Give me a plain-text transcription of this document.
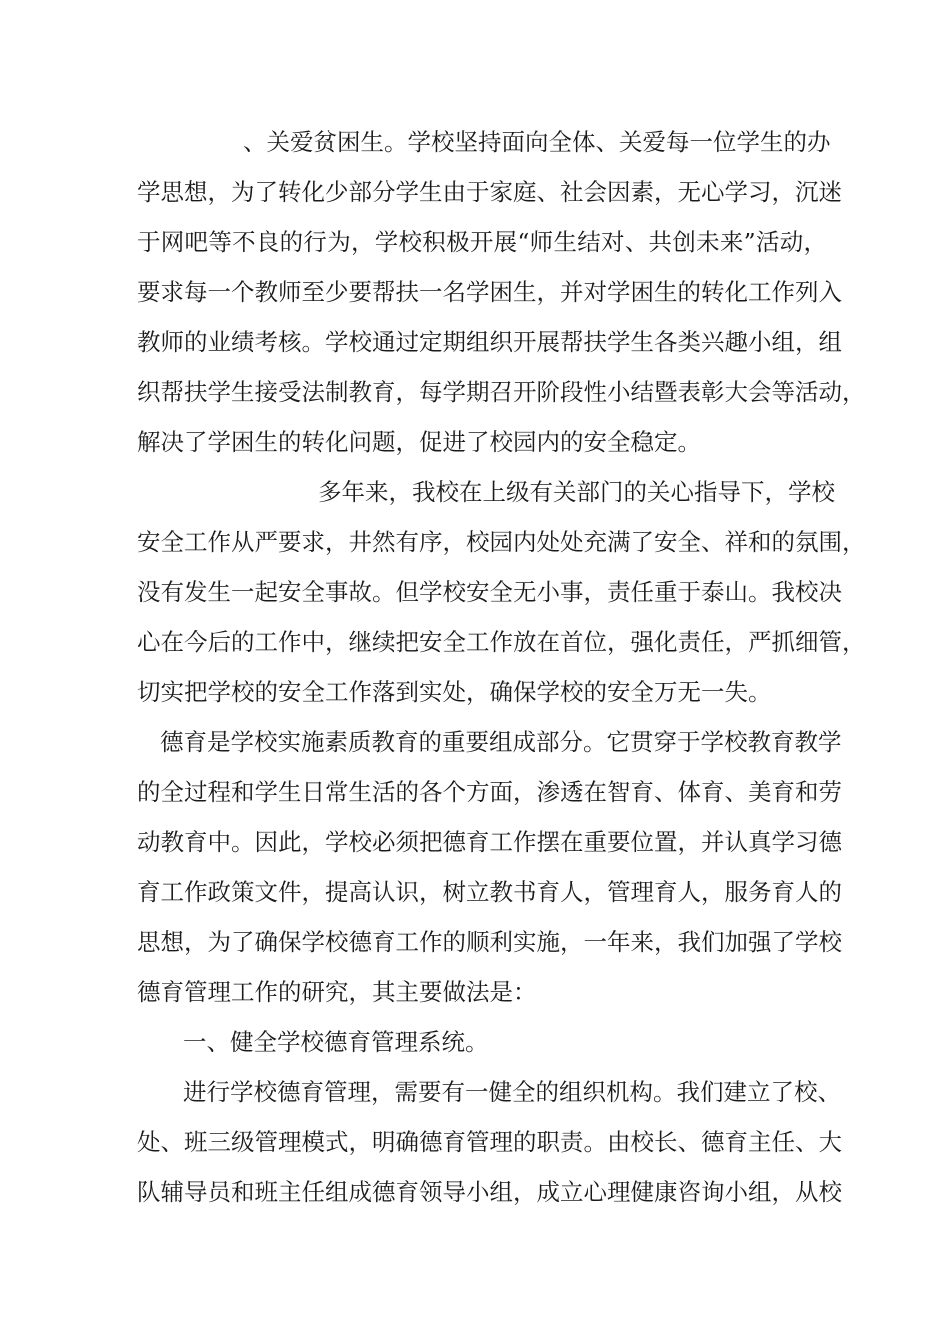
、关爱贫困生。学校坚持面向全体、关爱每一位学生的办

学思想，为了转化少部分学生由于家庭、社会因素，无心学习，沉迷

于网吧等不良的行为，学校积极开展“师生结对、共创未来”活动，

要求每一个教师至少要帮扶一名学困生，并对学困生的转化工作列入

教师的业绩考核。学校通过定期组织开展帮扶学生各类兴趣小组，组

织帮扶学生接受法制教育，每学期召开阶段性小结暨表彰大会等活动，

解决了学困生的转化问题，促进了校园内的安全稳定。

多年来，我校在上级有关部门的关心指导下，学校

安全工作从严要求，井然有序，校园内处处充满了安全、祥和的氛围，

没有发生一起安全事故。但学校安全无小事，责任重于泰山。我校决

心在今后的工作中，继续把安全工作放在首位，强化责任，严抓细管，

切实把学校的安全工作落到实处，确保学校的安全万无一失。

德育是学校实施素质教育的重要组成部分。它贯穿于学校教育教学

的全过程和学生日常生活的各个方面，渗透在智育、体育、美育和劳

动教育中。因此，学校必须把德育工作摆在重要位置，并认真学习德

育工作政策文件，提高认识，树立教书育人，管理育人，服务育人的

思想，为了确保学校德育工作的顺利实施，一年来，我们加强了学校

德育管理工作的研究，其主要做法是：

一、健全学校德育管理系统。

进行学校德育管理，需要有一健全的组织机构。我们建立了校、

处、班三级管理模式，明确德育管理的职责。由校长、德育主任、大

队辅导员和班主任组成德育领导小组，成立心理健康咨询小组，从校
